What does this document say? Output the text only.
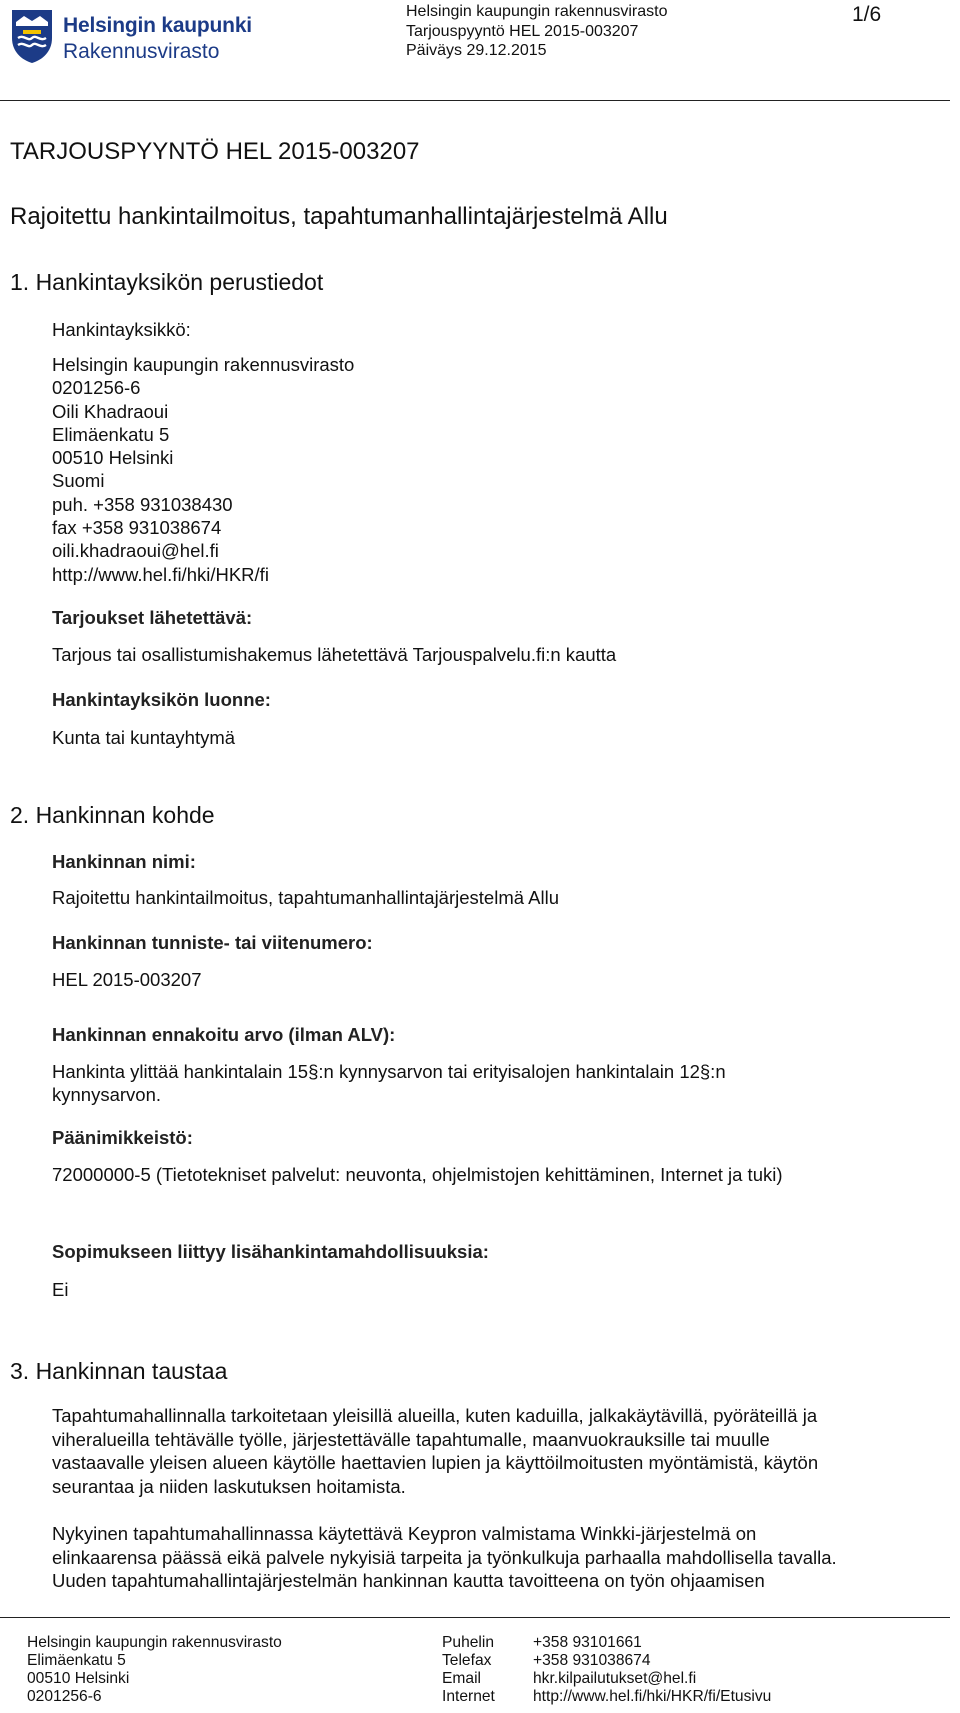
Helsingin kaupunki
Rakennusvirasto
Helsingin kaupungin rakennusvirasto
Tarjouspyyntö HEL 2015-003207
Päiväys 29.12.2015
1/6
TARJOUSPYYNTÖ HEL 2015-003207
Rajoitettu hankintailmoitus, tapahtumanhallintajärjestelmä Allu
1. Hankintayksikön perustiedot
Hankintayksikkö:
Helsingin kaupungin rakennusvirasto
0201256-6
Oili Khadraoui
Elimäenkatu 5
00510 Helsinki
Suomi
puh. +358 931038430
fax +358 931038674
oili.khadraoui@hel.fi
http://www.hel.fi/hki/HKR/fi
Tarjoukset lähetettävä:
Tarjous tai osallistumishakemus lähetettävä Tarjouspalvelu.fi:n kautta
Hankintayksikön luonne:
Kunta tai kuntayhtymä
2. Hankinnan kohde
Hankinnan nimi:
Rajoitettu hankintailmoitus, tapahtumanhallintajärjestelmä Allu
Hankinnan tunniste- tai viitenumero:
HEL 2015-003207
Hankinnan ennakoitu arvo (ilman ALV):
Hankinta ylittää hankintalain 15§:n kynnysarvon tai erityisalojen hankintalain 12§:n
kynnysarvon.
Päänimikkeistö:
72000000-5 (Tietotekniset palvelut: neuvonta, ohjelmistojen kehittäminen, Internet ja tuki)
Sopimukseen liittyy lisähankintamahdollisuuksia:
Ei
3. Hankinnan taustaa
Tapahtumahallinnalla tarkoitetaan yleisillä alueilla, kuten kaduilla, jalkakäytävillä, pyöräteillä ja
viheralueilla tehtävälle työlle, järjestettävälle tapahtumalle, maanvuokrauksille tai muulle
vastaavalle yleisen alueen käytölle haettavien lupien ja käyttöilmoitusten myöntämistä, käytön
seurantaa ja niiden laskutuksen hoitamista.
Nykyinen tapahtumahallinnassa käytettävä Keypron valmistama Winkki-järjestelmä on
elinkaarensa päässä eikä palvele nykyisiä tarpeita ja työnkulkuja parhaalla mahdollisella tavalla.
Uuden tapahtumahallintajärjestelmän hankinnan kautta tavoitteena on työn ohjaamisen
Helsingin kaupungin rakennusvirasto
Elimäenkatu 5
00510 Helsinki
0201256-6
Puhelin
Telefax
Email
Internet
+358 93101661
+358 931038674
hkr.kilpailutukset@hel.fi
http://www.hel.fi/hki/HKR/fi/Etusivu
